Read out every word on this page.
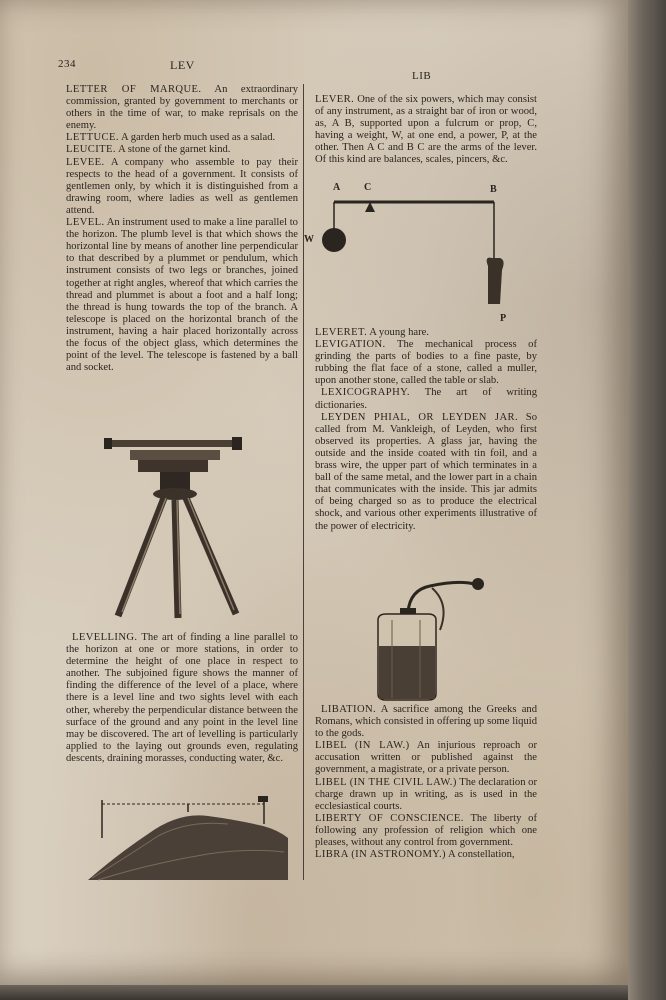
234	LEV
LIB

LETTER OF MARQUE. An extraordinary commission, granted by government to merchants or others in the time of war, to make reprisals on the enemy.

LETTUCE. A garden herb much used as a salad.

LEUCITE. A stone of the garnet kind.

LEVEE. A company who assemble to pay their respects to the head of a government. It consists of gentlemen only, by which it is distinguished from a drawing room, where ladies as well as gentlemen attend.

LEVEL. An instrument used to make a line parallel to the horizon. The plumb level is that which shows the horizontal line by means of another line perpendicular to that described by a plummet or pendulum, which instrument consists of two legs or branches, joined together at right angles, whereof that which carries the thread and plummet is about a foot and a half long; the thread is hung towards the top of the branch. A telescope is placed on the horizontal branch of the instrument, having a hair placed horizontally across the focus of the object glass, which determines the point of the level. The telescope is fastened by a ball and socket.

LEVELLING. The art of finding a line parallel to the horizon at one or more stations, in order to determine the height of one place in respect to another. The subjoined figure shows the manner of finding the difference of the level of a place, where there is a level line and two sights level with each other, whereby the perpendicular distance between the surface of the ground and any point in the level line may be discovered. The art of levelling is particularly applied to the laying out grounds even, regulating descents, draining morasses, conducting water, &c.

LEVER. One of the six powers, which may consist of any instrument, as a straight bar of iron or wood, as, A B, supported upon a fulcrum or prop, C, having a weight, W, at one end, a power, P, at the other. Then A C and B C are the arms of the lever. Of this kind are balances, scales, pincers, &c.

A C	B
W
P

LEVERET. A young hare.

LEVIGATION. The mechanical process of grinding the parts of bodies to a fine paste, by rubbing the flat face of a stone, called a muller, upon another stone, called the table or slab.

LEXICOGRAPHY. The art of writing dictionaries.

LEYDEN PHIAL, OR LEYDEN JAR. So called from M. Vankleigh, of Leyden, who first observed its properties. A glass jar, having the outside and the inside coated with tin foil, and a brass wire, the upper part of which terminates in a ball of the same metal, and the lower part in a chain that communicates with the inside. This jar admits of being charged so as to produce the electrical shock, and various other experiments illustrative of the power of electricity.

LIBATION. A sacrifice among the Greeks and Romans, which consisted in offering up some liquid to the gods.

LIBEL (IN LAW.) An injurious reproach or accusation written or published against the government, a magistrate, or a private person.

LIBEL (IN THE CIVIL LAW.) The declaration or charge drawn up in writing, as is used in the ecclesiastical courts.

LIBERTY OF CONSCIENCE. The liberty of following any profession of religion which one pleases, without any control from government.

LIBRA (IN ASTRONOMY.) A constellation,
